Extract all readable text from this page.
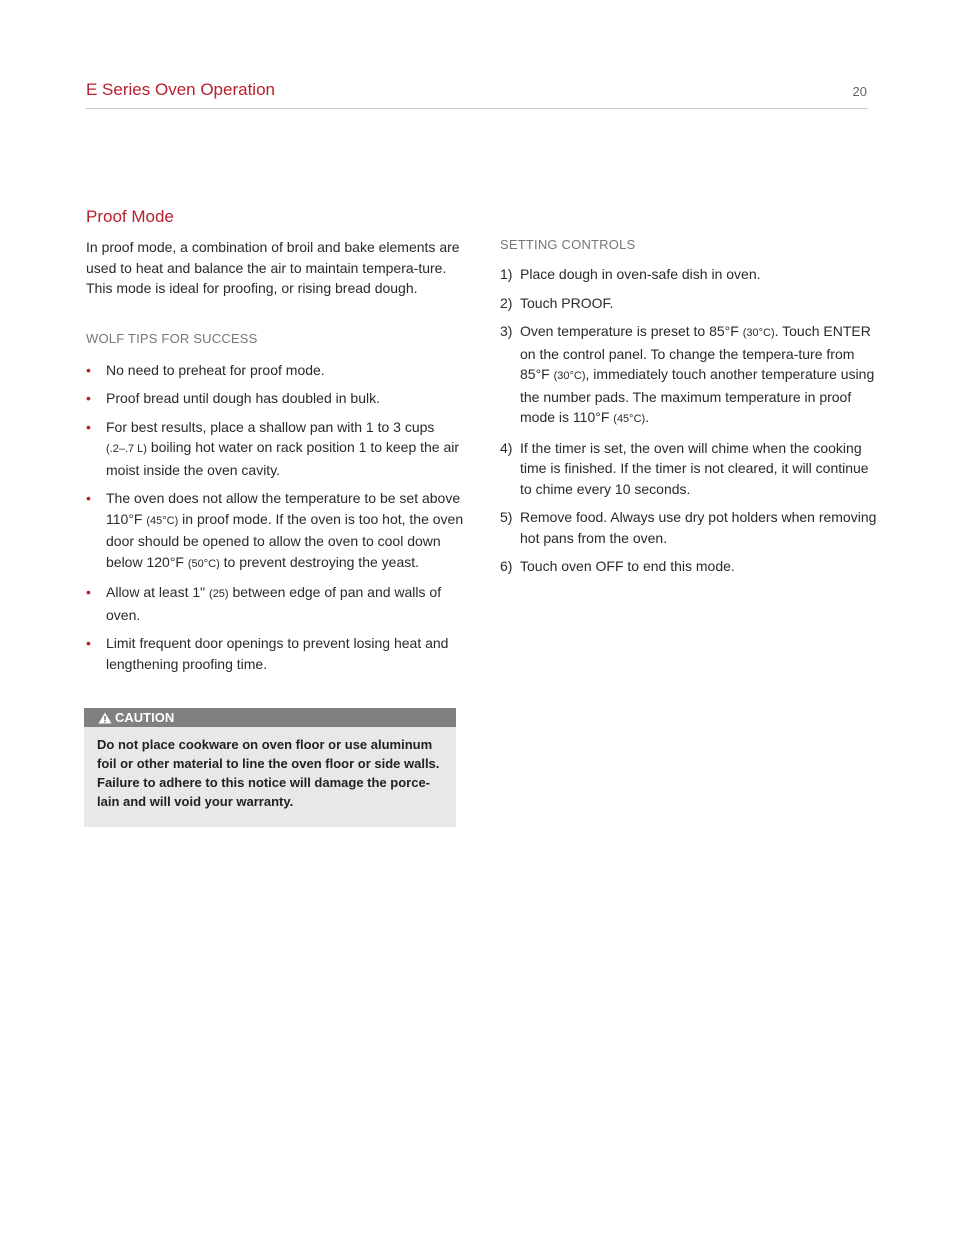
E Series Oven Operation	20
Proof Mode

In proof mode, a combination of broil and bake elements are used to heat and balance the air to maintain tempera-ture. This mode is ideal for proofing, or rising bread dough.

WOLF TIPS FOR SUCCESS
• No need to preheat for proof mode.
• Proof bread until dough has doubled in bulk.
• For best results, place a shallow pan with 1 to 3 cups (.2–.7 L) boiling hot water on rack position 1 to keep the air moist inside the oven cavity.
• The oven does not allow the temperature to be set above 110°F (45°C) in proof mode. If the oven is too hot, the oven door should be opened to allow the oven to cool down below 120°F (50°C) to prevent destroying the yeast.
• Allow at least 1" (25) between edge of pan and walls of oven.
• Limit frequent door openings to prevent losing heat and lengthening proofing time.
CAUTION
Do not place cookware on oven floor or use aluminum foil or other material to line the oven floor or side walls. Failure to adhere to this notice will damage the porce-lain and will void your warranty.
SETTING CONTROLS
1) Place dough in oven-safe dish in oven.
2) Touch PROOF.
3) Oven temperature is preset to 85°F (30°C). Touch ENTER on the control panel. To change the tempera-ture from 85°F (30°C), immediately touch another temperature using the number pads. The maximum temperature in proof mode is 110°F (45°C).
4) If the timer is set, the oven will chime when the cooking time is finished. If the timer is not cleared, it will continue to chime every 10 seconds.
5) Remove food. Always use dry pot holders when removing hot pans from the oven.
6) Touch oven OFF to end this mode.
